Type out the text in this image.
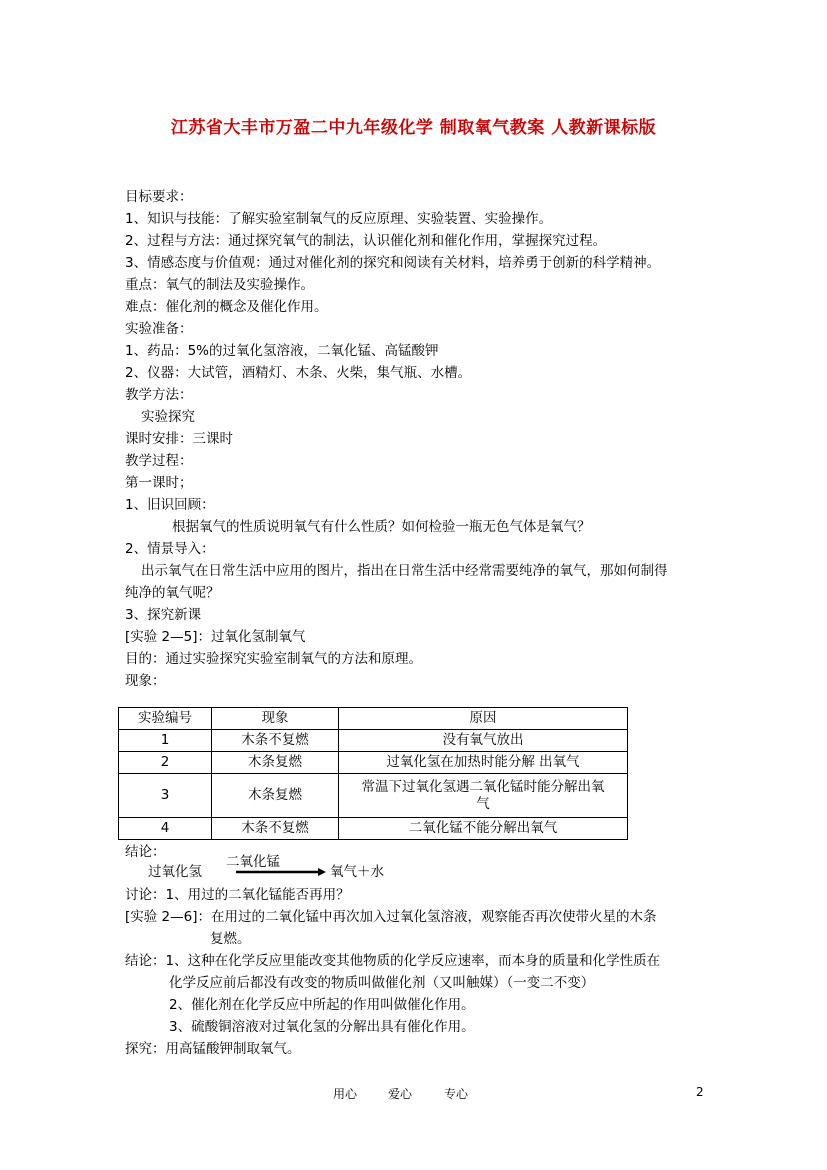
江苏省大丰市万盈二中九年级化学 制取氧气教案 人教新课标版
目标要求：
1、知识与技能：了解实验室制氧气的反应原理、实验装置、实验操作。
2、过程与方法：通过探究氧气的制法，认识催化剂和催化作用，掌握探究过程。
3、情感态度与价值观：通过对催化剂的探究和阅读有关材料，培养勇于创新的科学精神。
重点：氧气的制法及实验操作。
难点：催化剂的概念及催化作用。
实验准备：
1、药品：5%的过氧化氢溶液，二氧化锰、高锰酸钾
2、仪器：大试管，酒精灯、木条、火柴，集气瓶、水槽。
教学方法：
实验探究
课时安排：三课时
教学过程：
第一课时；
1、旧识回顾：
根据氧气的性质说明氧气有什么性质？如何检验一瓶无色气体是氧气？
2、情景导入：
出示氧气在日常生活中应用的图片，指出在日常生活中经常需要纯净的氧气，那如何制得
纯净的氧气呢？
3、探究新课
[实验 2—5]：过氧化氢制氧气
目的：通过实验探究实验室制氧气的方法和原理。
现象：
实验编号	现象	原因
1	木条不复燃	没有氧气放出
2	木条复燃	过氧化氢在加热时能分解 出氧气
3	木条复燃	常温下过氧化氢遇二氧化锰时能分解出氧
气

4	木条不复燃	二氧化锰不能分解出氧气
结论：
过氧化氢
二氧化锰
氧气＋水
讨论：1、用过的二氧化锰能否再用？
[实验 2—6]：在用过的二氧化锰中再次加入过氧化氢溶液，观察能否再次使带火星的木条
复燃。
结论：1、这种在化学反应里能改变其他物质的化学反应速率，而本身的质量和化学性质在
化学反应前后都没有改变的物质叫做催化剂（又叫触媒）（一变二不变）
2、催化剂在化学反应中所起的作用叫做催化作用。
3、硫酸铜溶液对过氧化氢的分解出具有催化作用。
探究：用高锰酸钾制取氧气。
用心	爱心	专心	2
